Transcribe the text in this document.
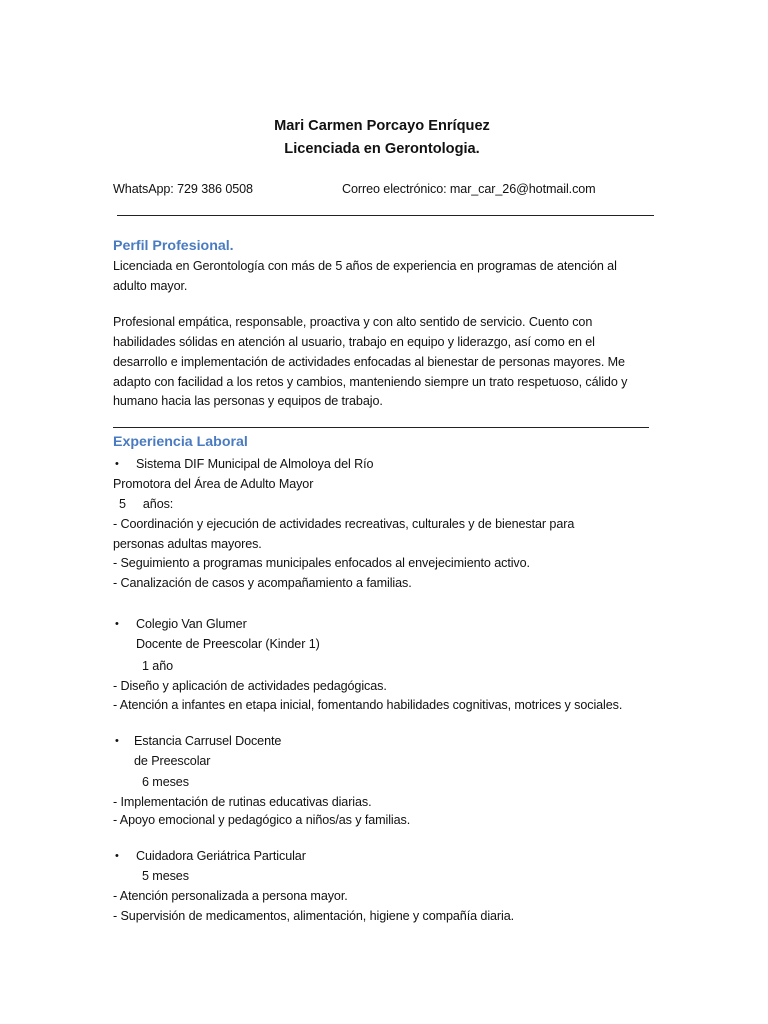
Mari Carmen Porcayo Enríquez
Licenciada en Gerontologia.
WhatsApp: 729 386 0508	Correo electrónico: mar_car_26@hotmail.com
Perfil Profesional.
Licenciada en Gerontología con más de 5 años de experiencia en programas de atención al
adulto mayor.
Profesional empática, responsable, proactiva y con alto sentido de servicio. Cuento con
habilidades sólidas en atención al usuario, trabajo en equipo y liderazgo, así como en el
desarrollo e implementación de actividades enfocadas al bienestar de personas mayores. Me
adapto con facilidad a los retos y cambios, manteniendo siempre un trato respetuoso, cálido y
humano hacia las personas y equipos de trabajo.
Experiencia Laboral
• Sistema DIF Municipal de Almoloya del Río
Promotora del Área de Adulto Mayor
5     años:
- Coordinación y ejecución de actividades recreativas, culturales y de bienestar para
personas adultas mayores.
- Seguimiento a programas municipales enfocados al envejecimiento activo.
- Canalización de casos y acompañamiento a familias.
• Colegio Van Glumer
Docente de Preescolar (Kinder 1)
1 año
- Diseño y aplicación de actividades pedagógicas.
- Atención a infantes en etapa inicial, fomentando habilidades cognitivas, motrices y sociales.
• Estancia Carrusel Docente
de Preescolar
6 meses
- Implementación de rutinas educativas diarias.
- Apoyo emocional y pedagógico a niños/as y familias.
• Cuidadora Geriátrica Particular
5 meses
- Atención personalizada a persona mayor.
- Supervisión de medicamentos, alimentación, higiene y compañía diaria.
